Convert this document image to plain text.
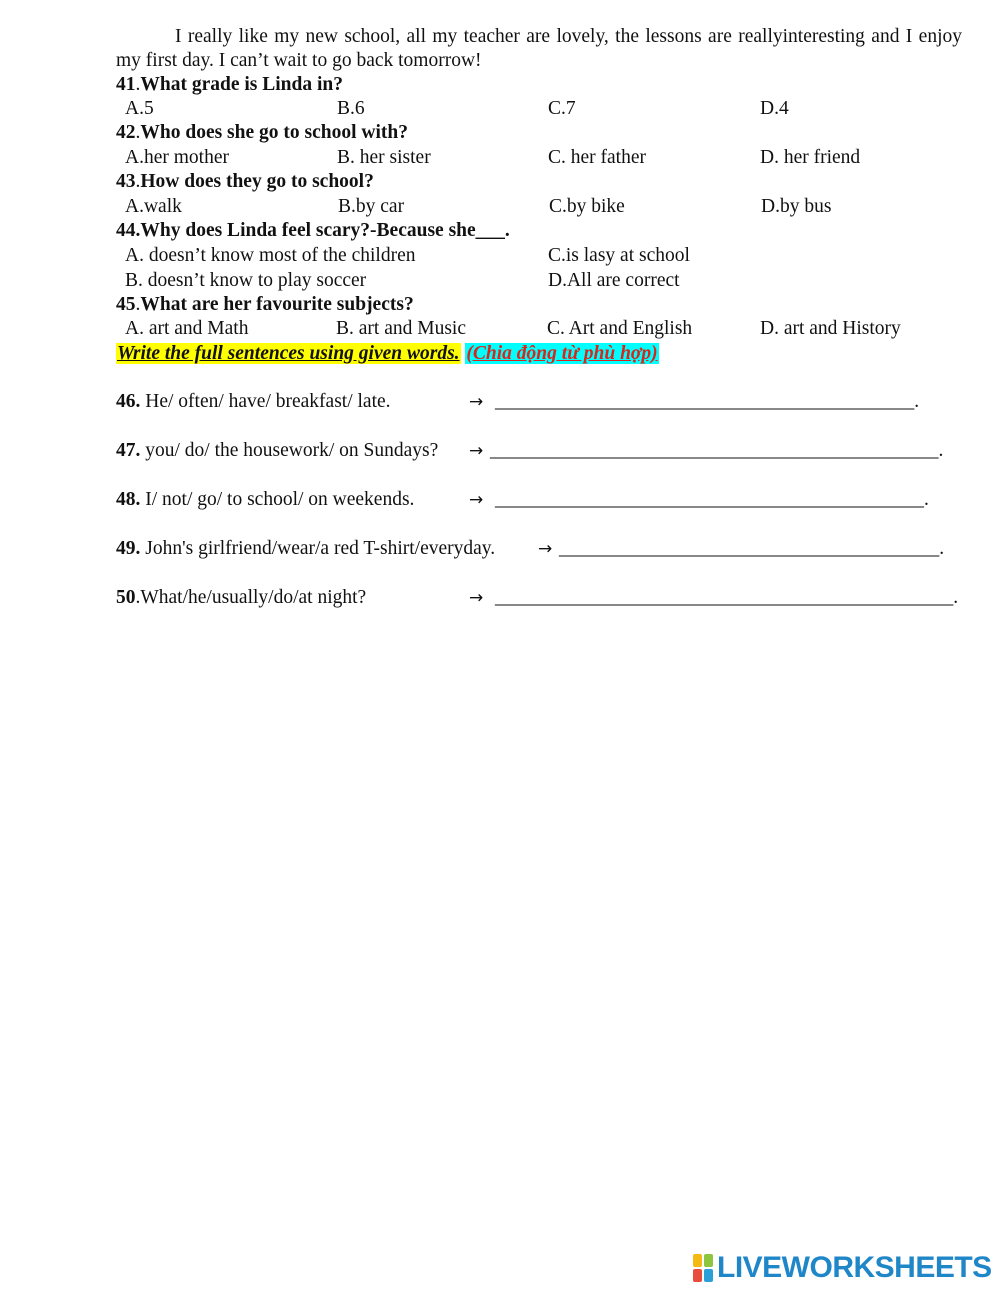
I really like my new school, all my teacher are lovely, the lessons are reallyinteresting and I enjoy my first day. I can’t wait to go back tomorrow!
41.What grade is Linda in?
A.5	B.6	C.7	D.4
42.Who does she go to school with?
A.her mother	B. her sister	C. her father	D. her friend
43.How does they go to school?
A.walk	B.by car	C.by bike	D.by bus
44.Why does Linda feel scary?-Because she___.
A. doesn’t know most of the children	C.is lasy at school
B. doesn’t know to play soccer	D.All are correct
45.What are her favourite subjects?
A. art and Math	B. art and Music	C. Art and English	D. art and History
Write the full sentences using given words. (Chia động từ phù hợp)
46. He/ often/ have/ breakfast/ late.	→ ___________________________________________.
47. you/ do/ the housework/ on Sundays? → ______________________________________________.
48. I/ not/ go/ to school/ on weekends.	→ ____________________________________________.
49. John's girlfriend/wear/a red T-shirt/everyday.	→ _______________________________________.
50.What/he/usually/do/at night?	→ _______________________________________________.
LIVEWORKSHEETS
